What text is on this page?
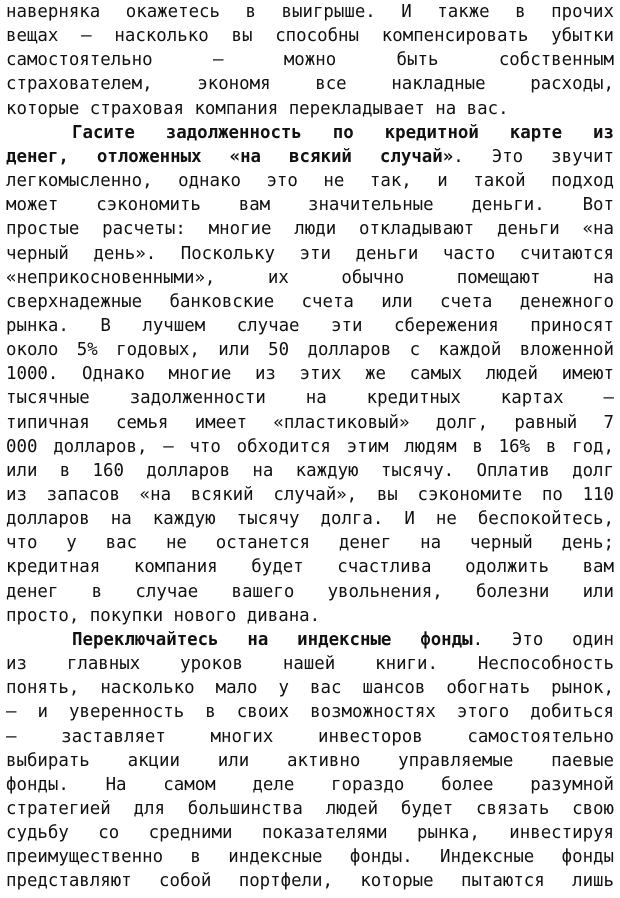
наверняка окажетесь в выигрыше. И также в прочих
вещах – насколько вы способны компенсировать убытки
самостоятельно – можно быть собственным
страхователем, экономя все накладные расходы,
которые страховая компания перекладывает на вас.
Гасите задолженность по кредитной карте из
денег, отложенных «на всякий случай». Это звучит
легкомысленно, однако это не так, и такой подход
может сэкономить вам значительные деньги. Вот
простые расчеты: многие люди откладывают деньги «на
черный день». Поскольку эти деньги часто считаются
«неприкосновенными», их обычно помещают на
сверхнадежные банковские счета или счета денежного
рынка. В лучшем случае эти сбережения приносят
около 5% годовых, или 50 долларов с каждой вложенной
1000. Однако многие из этих же самых людей имеют
тысячные задолженности на кредитных картах –
типичная семья имеет «пластиковый» долг, равный 7
000 долларов, – что обходится этим людям в 16% в год,
или в 160 долларов на каждую тысячу. Оплатив долг
из запасов «на всякий случай», вы сэкономите по 110
долларов на каждую тысячу долга. И не беспокойтесь,
что у вас не останется денег на черный день;
кредитная компания будет счастлива одолжить вам
денег в случае вашего увольнения, болезни или
просто, покупки нового дивана.
Переключайтесь на индексные фонды. Это один
из главных уроков нашей книги. Неспособность
понять, насколько мало у вас шансов обогнать рынок,
– и уверенность в своих возможностях этого добиться
– заставляет многих инвесторов самостоятельно
выбирать акции или активно управляемые паевые
фонды. На самом деле гораздо более разумной
стратегией для большинства людей будет связать свою
судьбу со средними показателями рынка, инвестируя
преимущественно в индексные фонды. Индексные фонды
представляют собой портфели, которые пытаются лишь
